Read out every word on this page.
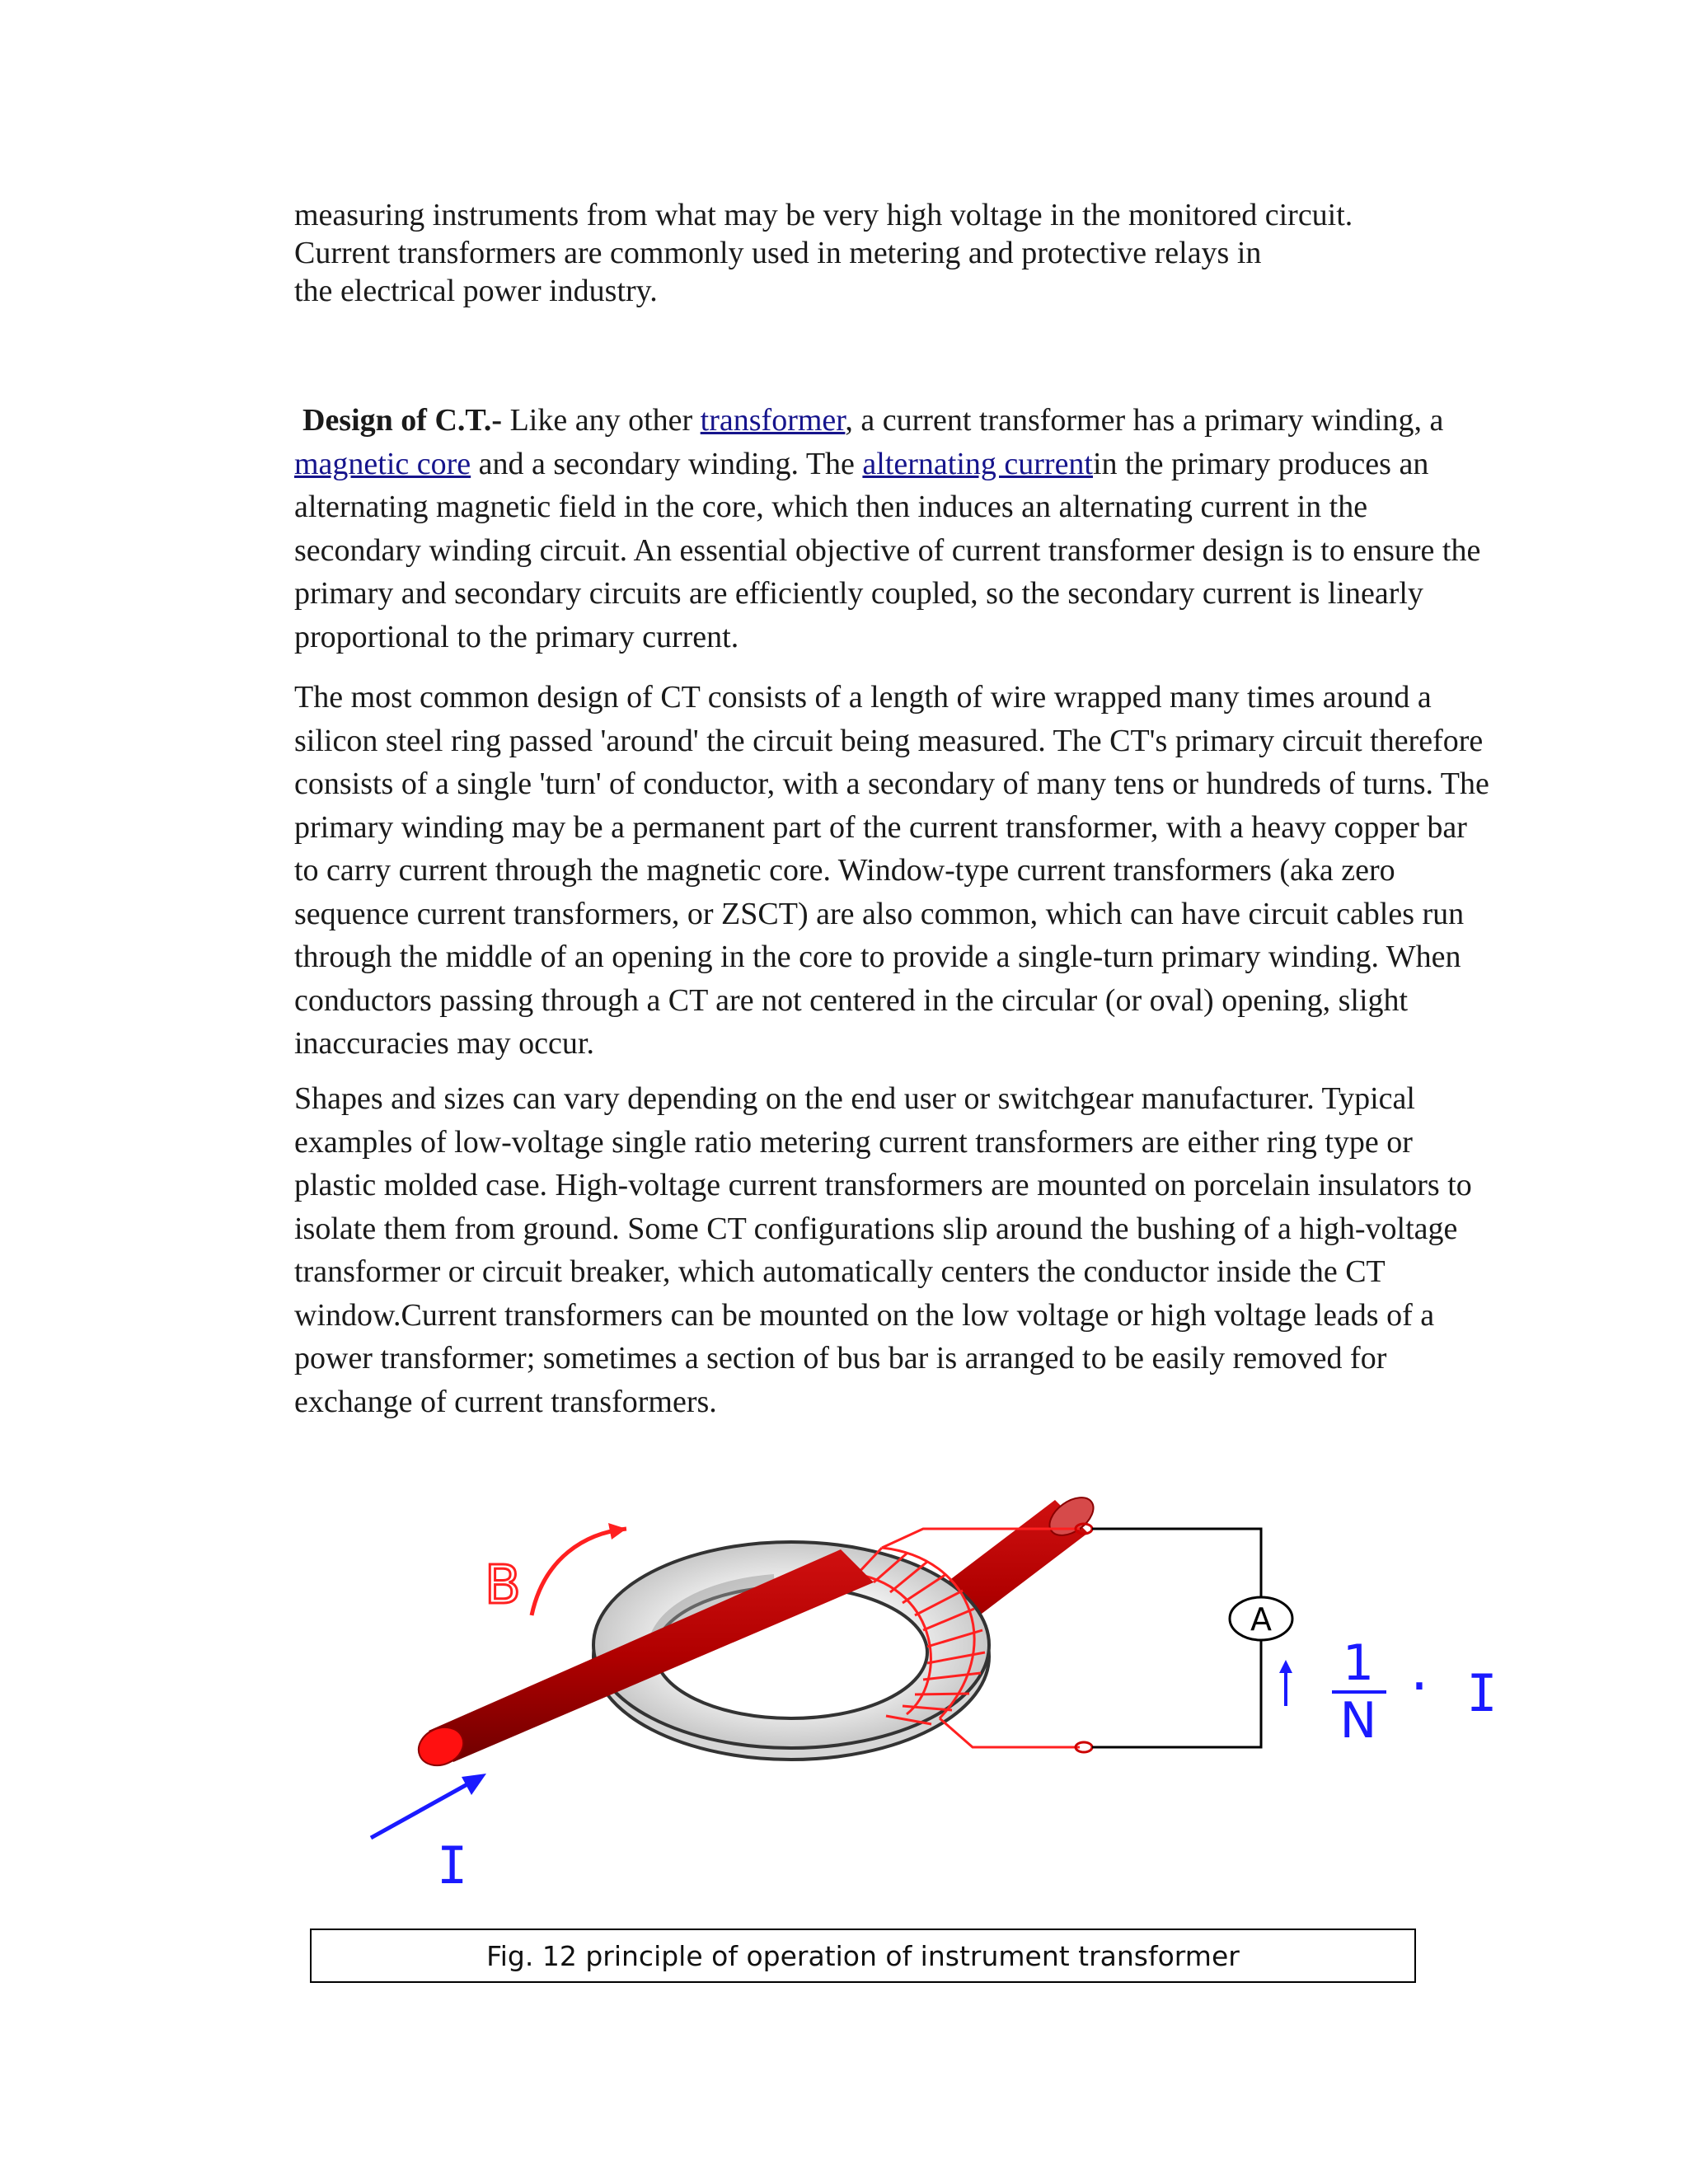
measuring instruments from what may be very high voltage in the monitored circuit.

Current transformers are commonly used in metering and protective relays in

the electrical power industry.

Design of C.T.- Like any other transformer, a current transformer has a primary winding, a magnetic core and a secondary winding. The alternating currentin the primary produces an alternating magnetic field in the core, which then induces an alternating current in the secondary winding circuit. An essential objective of current transformer design is to ensure the primary and secondary circuits are efficiently coupled, so the secondary current is linearly proportional to the primary current.

The most common design of CT consists of a length of wire wrapped many times around a silicon steel ring passed 'around' the circuit being measured. The CT's primary circuit therefore consists of a single 'turn' of conductor, with a secondary of many tens or hundreds of turns. The primary winding may be a permanent part of the current transformer, with a heavy copper bar to carry current through the magnetic core. Window-type current transformers (aka zero sequence current transformers, or ZSCT) are also common, which can have circuit cables run through the middle of an opening in the core to provide a single-turn primary winding. When conductors passing through a CT are not centered in the circular (or oval) opening, slight inaccuracies may occur.

Shapes and sizes can vary depending on the end user or switchgear manufacturer. Typical examples of low-voltage single ratio metering current transformers are either ring type or plastic molded case. High-voltage current transformers are mounted on porcelain insulators to isolate them from ground. Some CT configurations slip around the bushing of a high-voltage transformer or circuit breaker, which automatically centers the conductor inside the CT window.Current transformers can be mounted on the low voltage or high voltage leads of a power transformer; sometimes a section of bus bar is arranged to be easily removed for exchange of current transformers.

A
B
I
1
N
· I
Fig. 12 principle of operation of instrument transformer
